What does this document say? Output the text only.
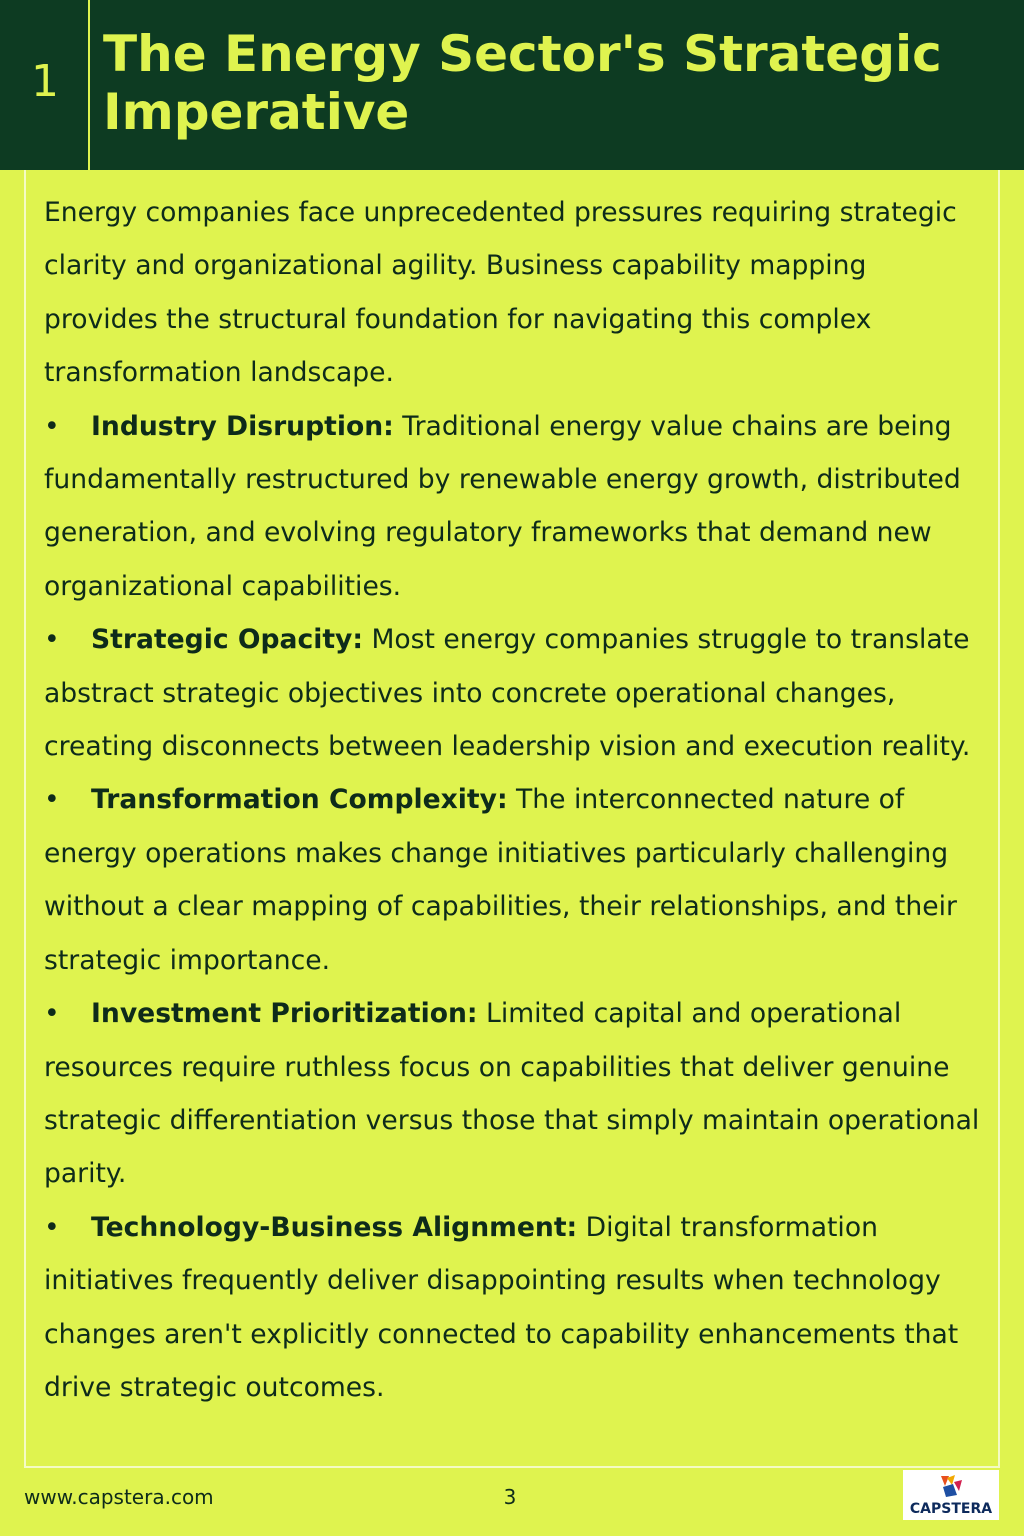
1 The Energy Sector's Strategic Imperative

Energy companies face unprecedented pressures requiring strategic clarity and organizational agility. Business capability mapping provides the structural foundation for navigating this complex transformation landscape.

• Industry Disruption: Traditional energy value chains are being fundamentally restructured by renewable energy growth, distributed generation, and evolving regulatory frameworks that demand new organizational capabilities.

• Strategic Opacity: Most energy companies struggle to translate abstract strategic objectives into concrete operational changes, creating disconnects between leadership vision and execution reality.

• Transformation Complexity: The interconnected nature of energy operations makes change initiatives particularly challenging without a clear mapping of capabilities, their relationships, and their strategic importance.

• Investment Prioritization: Limited capital and operational resources require ruthless focus on capabilities that deliver genuine strategic differentiation versus those that simply maintain operational parity.

• Technology-Business Alignment: Digital transformation initiatives frequently deliver disappointing results when technology changes aren't explicitly connected to capability enhancements that drive strategic outcomes.

www.capstera.com	3	CAPSTERA
